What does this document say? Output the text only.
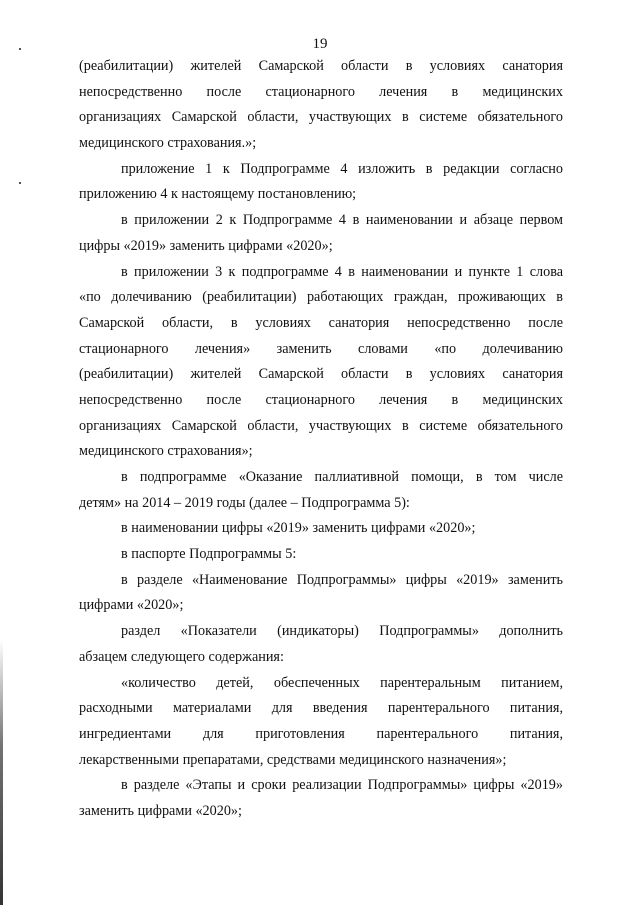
19
(реабилитации) жителей Самарской области в условиях санатория
непосредственно после стационарного лечения в медицинских
организациях Самарской области, участвующих в системе обязательного
медицинского страхования.»;
приложение 1 к Подпрограмме 4 изложить в редакции согласно
приложению 4 к настоящему постановлению;
в приложении 2 к Подпрограмме 4 в наименовании и абзаце первом
цифры «2019» заменить цифрами «2020»;
в приложении 3 к подпрограмме 4 в наименовании и пункте 1 слова
«по долечиванию (реабилитации) работающих граждан, проживающих в
Самарской области, в условиях санатория непосредственно после
стационарного лечения» заменить словами «по долечиванию
(реабилитации) жителей Самарской области в условиях санатория
непосредственно после стационарного лечения в медицинских
организациях Самарской области, участвующих в системе обязательного
медицинского страхования»;
в подпрограмме «Оказание паллиативной помощи, в том числе
детям» на 2014 – 2019 годы (далее – Подпрограмма 5):
в наименовании цифры «2019» заменить цифрами «2020»;
в паспорте Подпрограммы 5:
в разделе «Наименование Подпрограммы» цифры «2019» заменить
цифрами «2020»;
раздел «Показатели (индикаторы) Подпрограммы» дополнить
абзацем следующего содержания:
«количество детей, обеспеченных парентеральным питанием,
расходными материалами для введения парентерального питания,
ингредиентами для приготовления парентерального питания,
лекарственными препаратами, средствами медицинского назначения»;
в разделе «Этапы и сроки реализации Подпрограммы» цифры «2019»
заменить цифрами «2020»;
